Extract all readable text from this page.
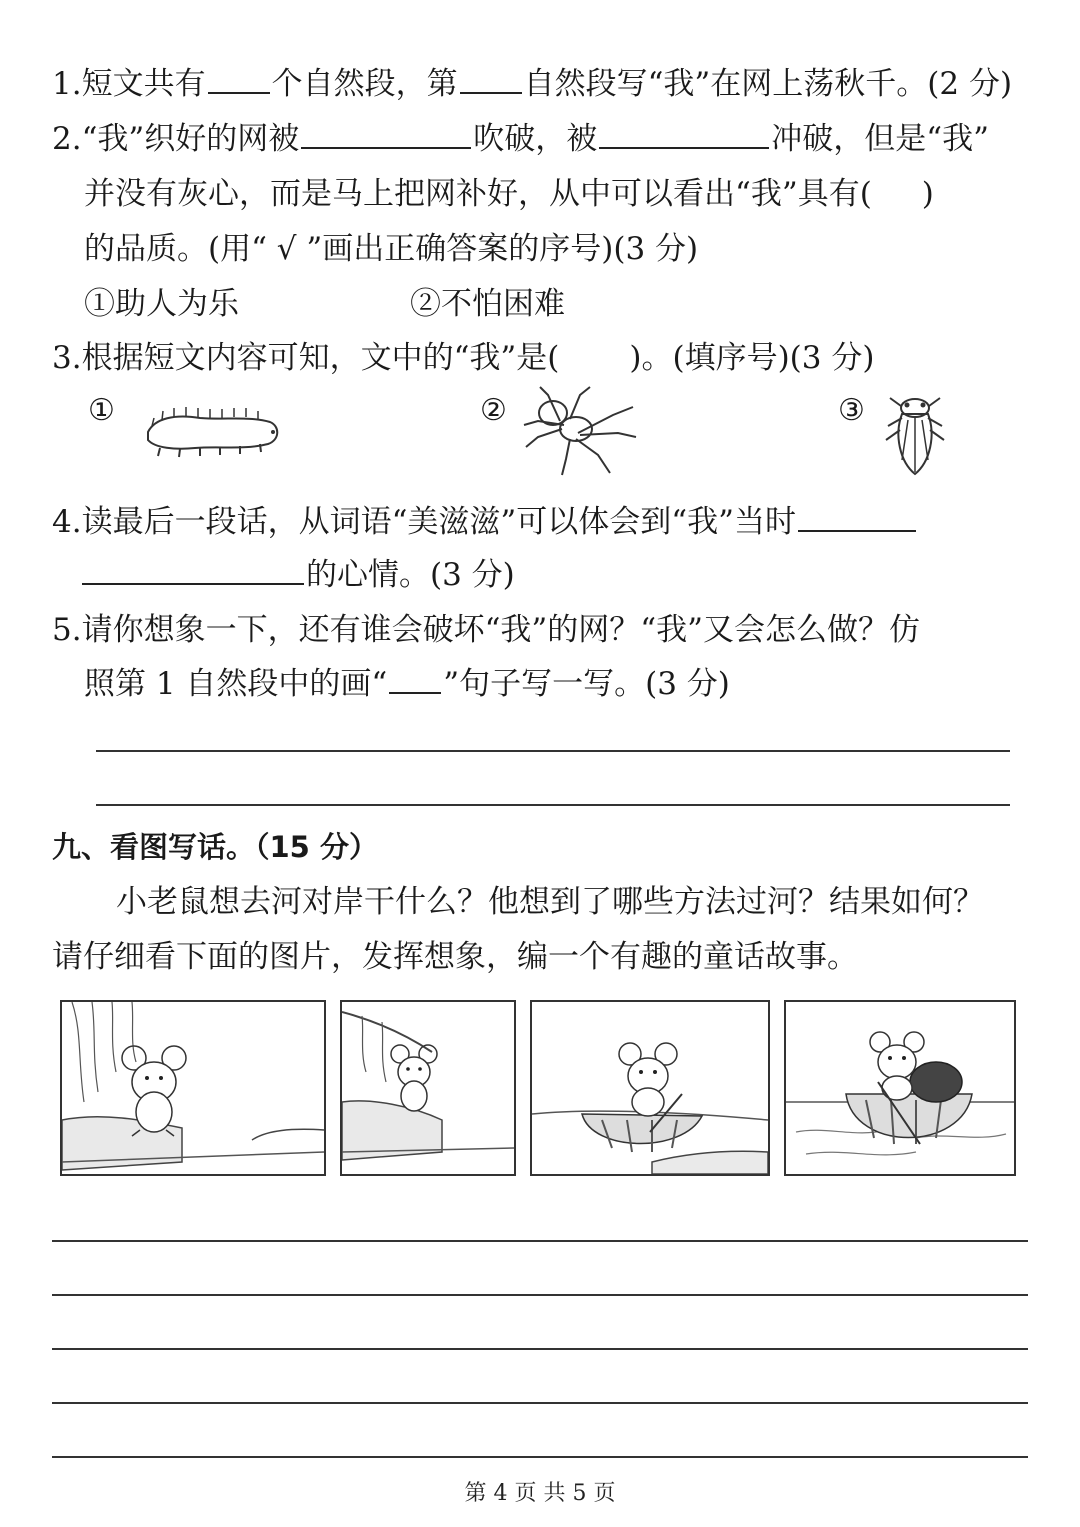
1.短文共有 个自然段，第 自然段写“我”在网上荡秋千。(2 分)
2.“我”织好的网被	吹破，被	冲破，但是“我”
并没有灰心，而是马上把网补好，从中可以看出“我”具有( )
的品质。(用“ √ ”画出正确答案的序号)(3 分)
①助人为乐	②不怕困难
3.根据短文内容可知，文中的“我”是( )。(填序号)(3 分)
①	②	③
4.读最后一段话，从词语“美滋滋”可以体会到“我”当时
的心情。(3 分)
5.请你想象一下，还有谁会破坏“我”的网？“我”又会怎么做？仿
照第 1 自然段中的画“ ”句子写一写。(3 分)
九、看图写话。（15 分）
小老鼠想去河对岸干什么？他想到了哪些方法过河？结果如何？
请仔细看下面的图片，发挥想象，编一个有趣的童话故事。
第 4 页 共 5 页
